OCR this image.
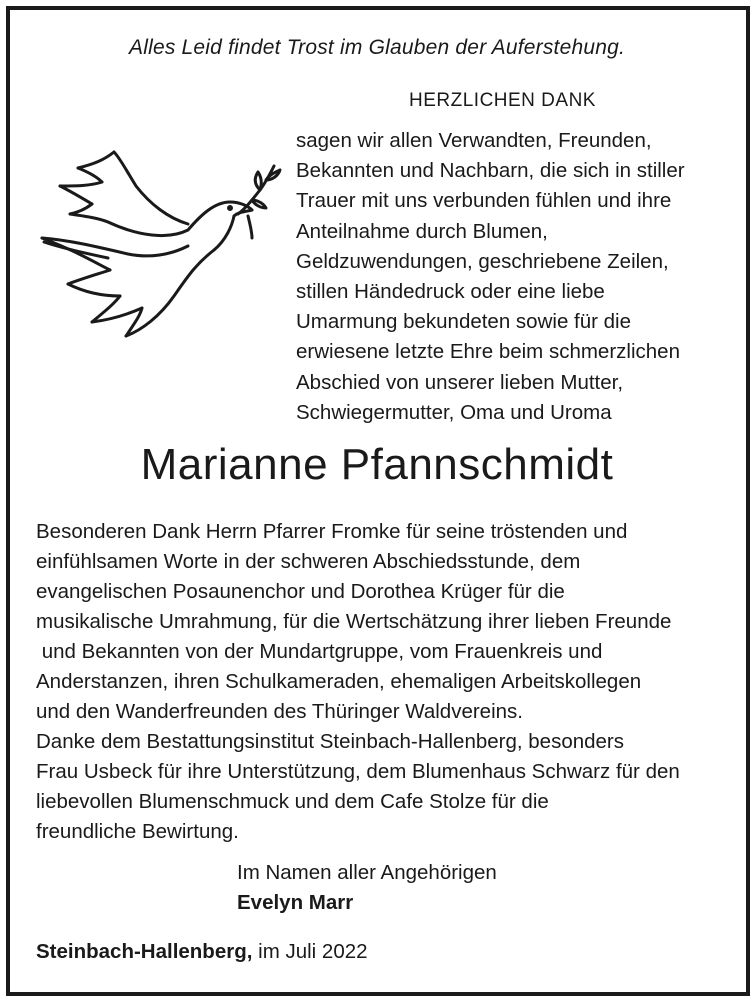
Alles Leid findet Trost im Glauben der Auferstehung.
HERZLICHEN DANK
sagen wir allen Verwandten, Freunden,
Bekannten und Nachbarn, die sich in stiller
Trauer mit uns verbunden fühlen und ihre
Anteilnahme durch Blumen,
Geldzuwendungen, geschriebene Zeilen,
stillen Händedruck oder eine liebe
Umarmung bekundeten sowie für die
erwiesene letzte Ehre beim schmerzlichen
Abschied von unserer lieben Mutter,
Schwiegermutter, Oma und Uroma
Marianne Pfannschmidt
Besonderen Dank Herrn Pfarrer Fromke für seine tröstenden und
einfühlsamen Worte in der schweren Abschiedsstunde, dem
evangelischen Posaunenchor und Dorothea Krüger für die
musikalische Umrahmung, für die Wertschätzung ihrer lieben Freunde
und Bekannten von der Mundartgruppe, vom Frauenkreis und
Anderstanzen, ihren Schulkameraden, ehemaligen Arbeitskollegen
und den Wanderfreunden des Thüringer Waldvereins.
Danke dem Bestattungsinstitut Steinbach-Hallenberg, besonders
Frau Usbeck für ihre Unterstützung, dem Blumenhaus Schwarz für den
liebevollen Blumenschmuck und dem Cafe Stolze für die
freundliche Bewirtung.
Im Namen aller Angehörigen
Evelyn Marr
Steinbach-Hallenberg, im Juli 2022
